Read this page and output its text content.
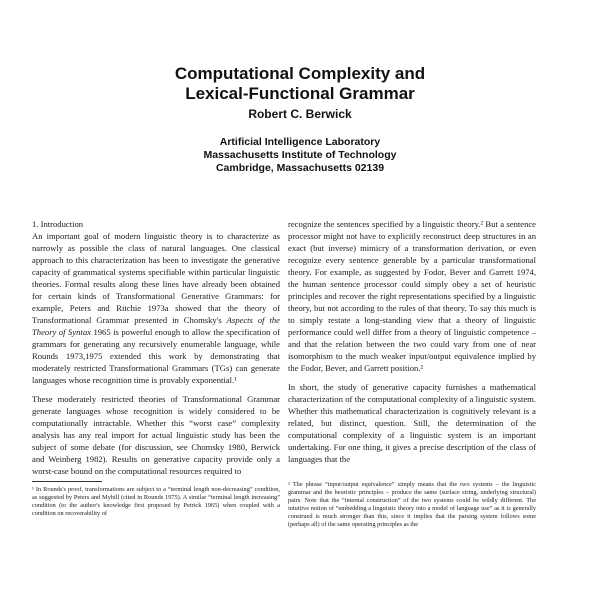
Computational Complexity and
Lexical-Functional Grammar
Robert C. Berwick
Artificial Intelligence Laboratory
Massachusetts Institute of Technology
Cambridge, Massachusetts 02139

1. Introduction

An important goal of modern linguistic theory is to characterize as narrowly as possible the class of natural languages. One classical approach to this characterization has been to investigate the generative capacity of grammatical systems specifiable within particular linguistic theories. Formal results along these lines have already been obtained for certain kinds of Transformational Generative Grammars: for example, Peters and Ritchie 1973a showed that the theory of Transformational Grammar presented in Chomsky's Aspects of the Theory of Syntax 1965 is powerful enough to allow the specification of grammars for generating any recursively enumerable language, while Rounds 1973,1975 extended this work by demonstrating that moderately restricted Transformational Grammars (TGs) can generate languages whose recognition time is provably exponential.¹

These moderately restricted theories of Transformational Grammar generate languages whose recognition is widely considered to be computationally intractable. Whether this “worst case” complexity analysis has any real import for actual linguistic study has been the subject of some debate (for discussion, see Chomsky 1980, Berwick and Weinberg 1982). Results on generative capacity provide only a worst-case bound on the computational resources required to

¹ In Rounds's proof, transformations are subject to a “terminal length non-decreasing” condition, as suggested by Peters and Myhill (cited in Rounds 1975). A similar “terminal length increasing” condition (to the author's knowledge first proposed by Petrick 1965) when coupled with a condition on recoverability of

recognize the sentences specified by a linguistic theory.² But a sentence processor might not have to explicitly reconstruct deep structures in an exact (but inverse) mimicry of a transformation derivation, or even recognize every sentence generable by a particular transformational theory. For example, as suggested by Fodor, Bever and Garrett 1974, the human sentence processor could simply obey a set of heuristic principles and recover the right representations specified by a linguistic theory, but not according to the rules of that theory. To say this much is to simply restate a long-standing view that a theory of linguistic performance could well differ from a theory of linguistic competence – and that the relation between the two could vary from one of near isomorphism to the much weaker input/output equivalence implied by the Fodor, Bever, and Garrett position.²

In short, the study of generative capacity furnishes a mathematical characterization of the computational complexity of a linguistic system. Whether this mathematical characterization is cognitively relevant is a related, but distinct, question. Still, the determination of the computational complexity of a linguistic system is an important undertaking. For one thing, it gives a precise description of the class of languages that the

² The phrase “input/output equivalence” simply means that the two systems – the linguistic grammar and the heuristic principles – produce the same (surface string, underlying structural) pairs. Note that the “internal construction” of the two systems could be wildly different. The intuitive notion of “embedding a linguistic theory into a model of language use” as it is generally construed is much stronger than this, since it implies that the parsing system follows some (perhaps all) of the same operating principles as the
